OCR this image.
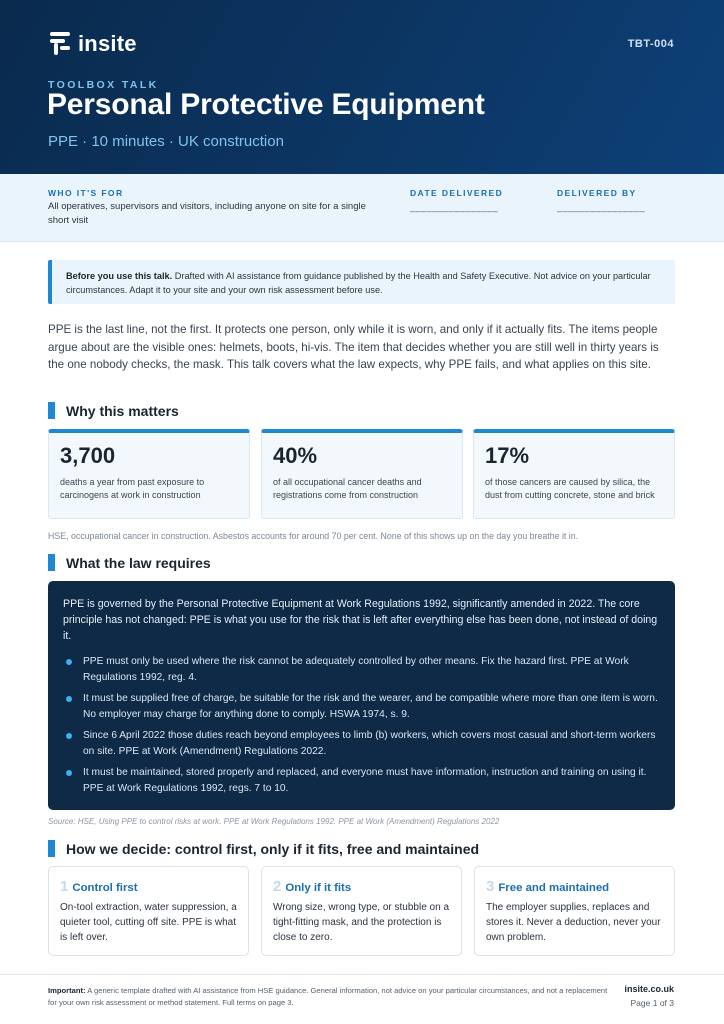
insite	TBT-004
TOOLBOX TALK
Personal Protective Equipment
PPE · 10 minutes · UK construction
WHO IT'S FOR
All operatives, supervisors and visitors, including anyone on site for a single short visit
DATE DELIVERED
________________
DELIVERED BY
________________
Before you use this talk. Drafted with AI assistance from guidance published by the Health and Safety Executive. Not advice on your particular circumstances. Adapt it to your site and your own risk assessment before use.

PPE is the last line, not the first. It protects one person, only while it is worn, and only if it actually fits. The items people argue about are the visible ones: helmets, boots, hi-vis. The item that decides whether you are still well in thirty years is the one nobody checks, the mask. This talk covers what the law expects, why PPE fails, and what applies on this site.

Why this matters
3,700
deaths a year from past exposure to carcinogens at work in construction
40%
of all occupational cancer deaths and registrations come from construction
17%
of those cancers are caused by silica, the dust from cutting concrete, stone and brick
HSE, occupational cancer in construction. Asbestos accounts for around 70 per cent. None of this shows up on the day you breathe it in.
What the law requires

PPE is governed by the Personal Protective Equipment at Work Regulations 1992, significantly amended in 2022. The core principle has not changed: PPE is what you use for the risk that is left after everything else has been done, not instead of doing it.

PPE must only be used where the risk cannot be adequately controlled by other means. Fix the hazard first. PPE at Work Regulations 1992, reg. 4.
It must be supplied free of charge, be suitable for the risk and the wearer, and be compatible where more than one item is worn. No employer may charge for anything done to comply. HSWA 1974, s. 9.
Since 6 April 2022 those duties reach beyond employees to limb (b) workers, which covers most casual and short-term workers on site. PPE at Work (Amendment) Regulations 2022.
It must be maintained, stored properly and replaced, and everyone must have information, instruction and training on using it. PPE at Work Regulations 1992, regs. 7 to 10.
Source: HSE, Using PPE to control risks at work. PPE at Work Regulations 1992. PPE at Work (Amendment) Regulations 2022
How we decide: control first, only if it fits, free and maintained
1 Control first
On-tool extraction, water suppression, a quieter tool, cutting off site. PPE is what is left over.
2 Only if it fits
Wrong size, wrong type, or stubble on a tight-fitting mask, and the protection is close to zero.
3 Free and maintained
The employer supplies, replaces and stores it. Never a deduction, never your own problem.
Important: A generic template drafted with AI assistance from HSE guidance. General information, not advice on your particular circumstances, and not a replacement for your own risk assessment or method statement. Full terms on page 3.
insite.co.uk
Page 1 of 3
